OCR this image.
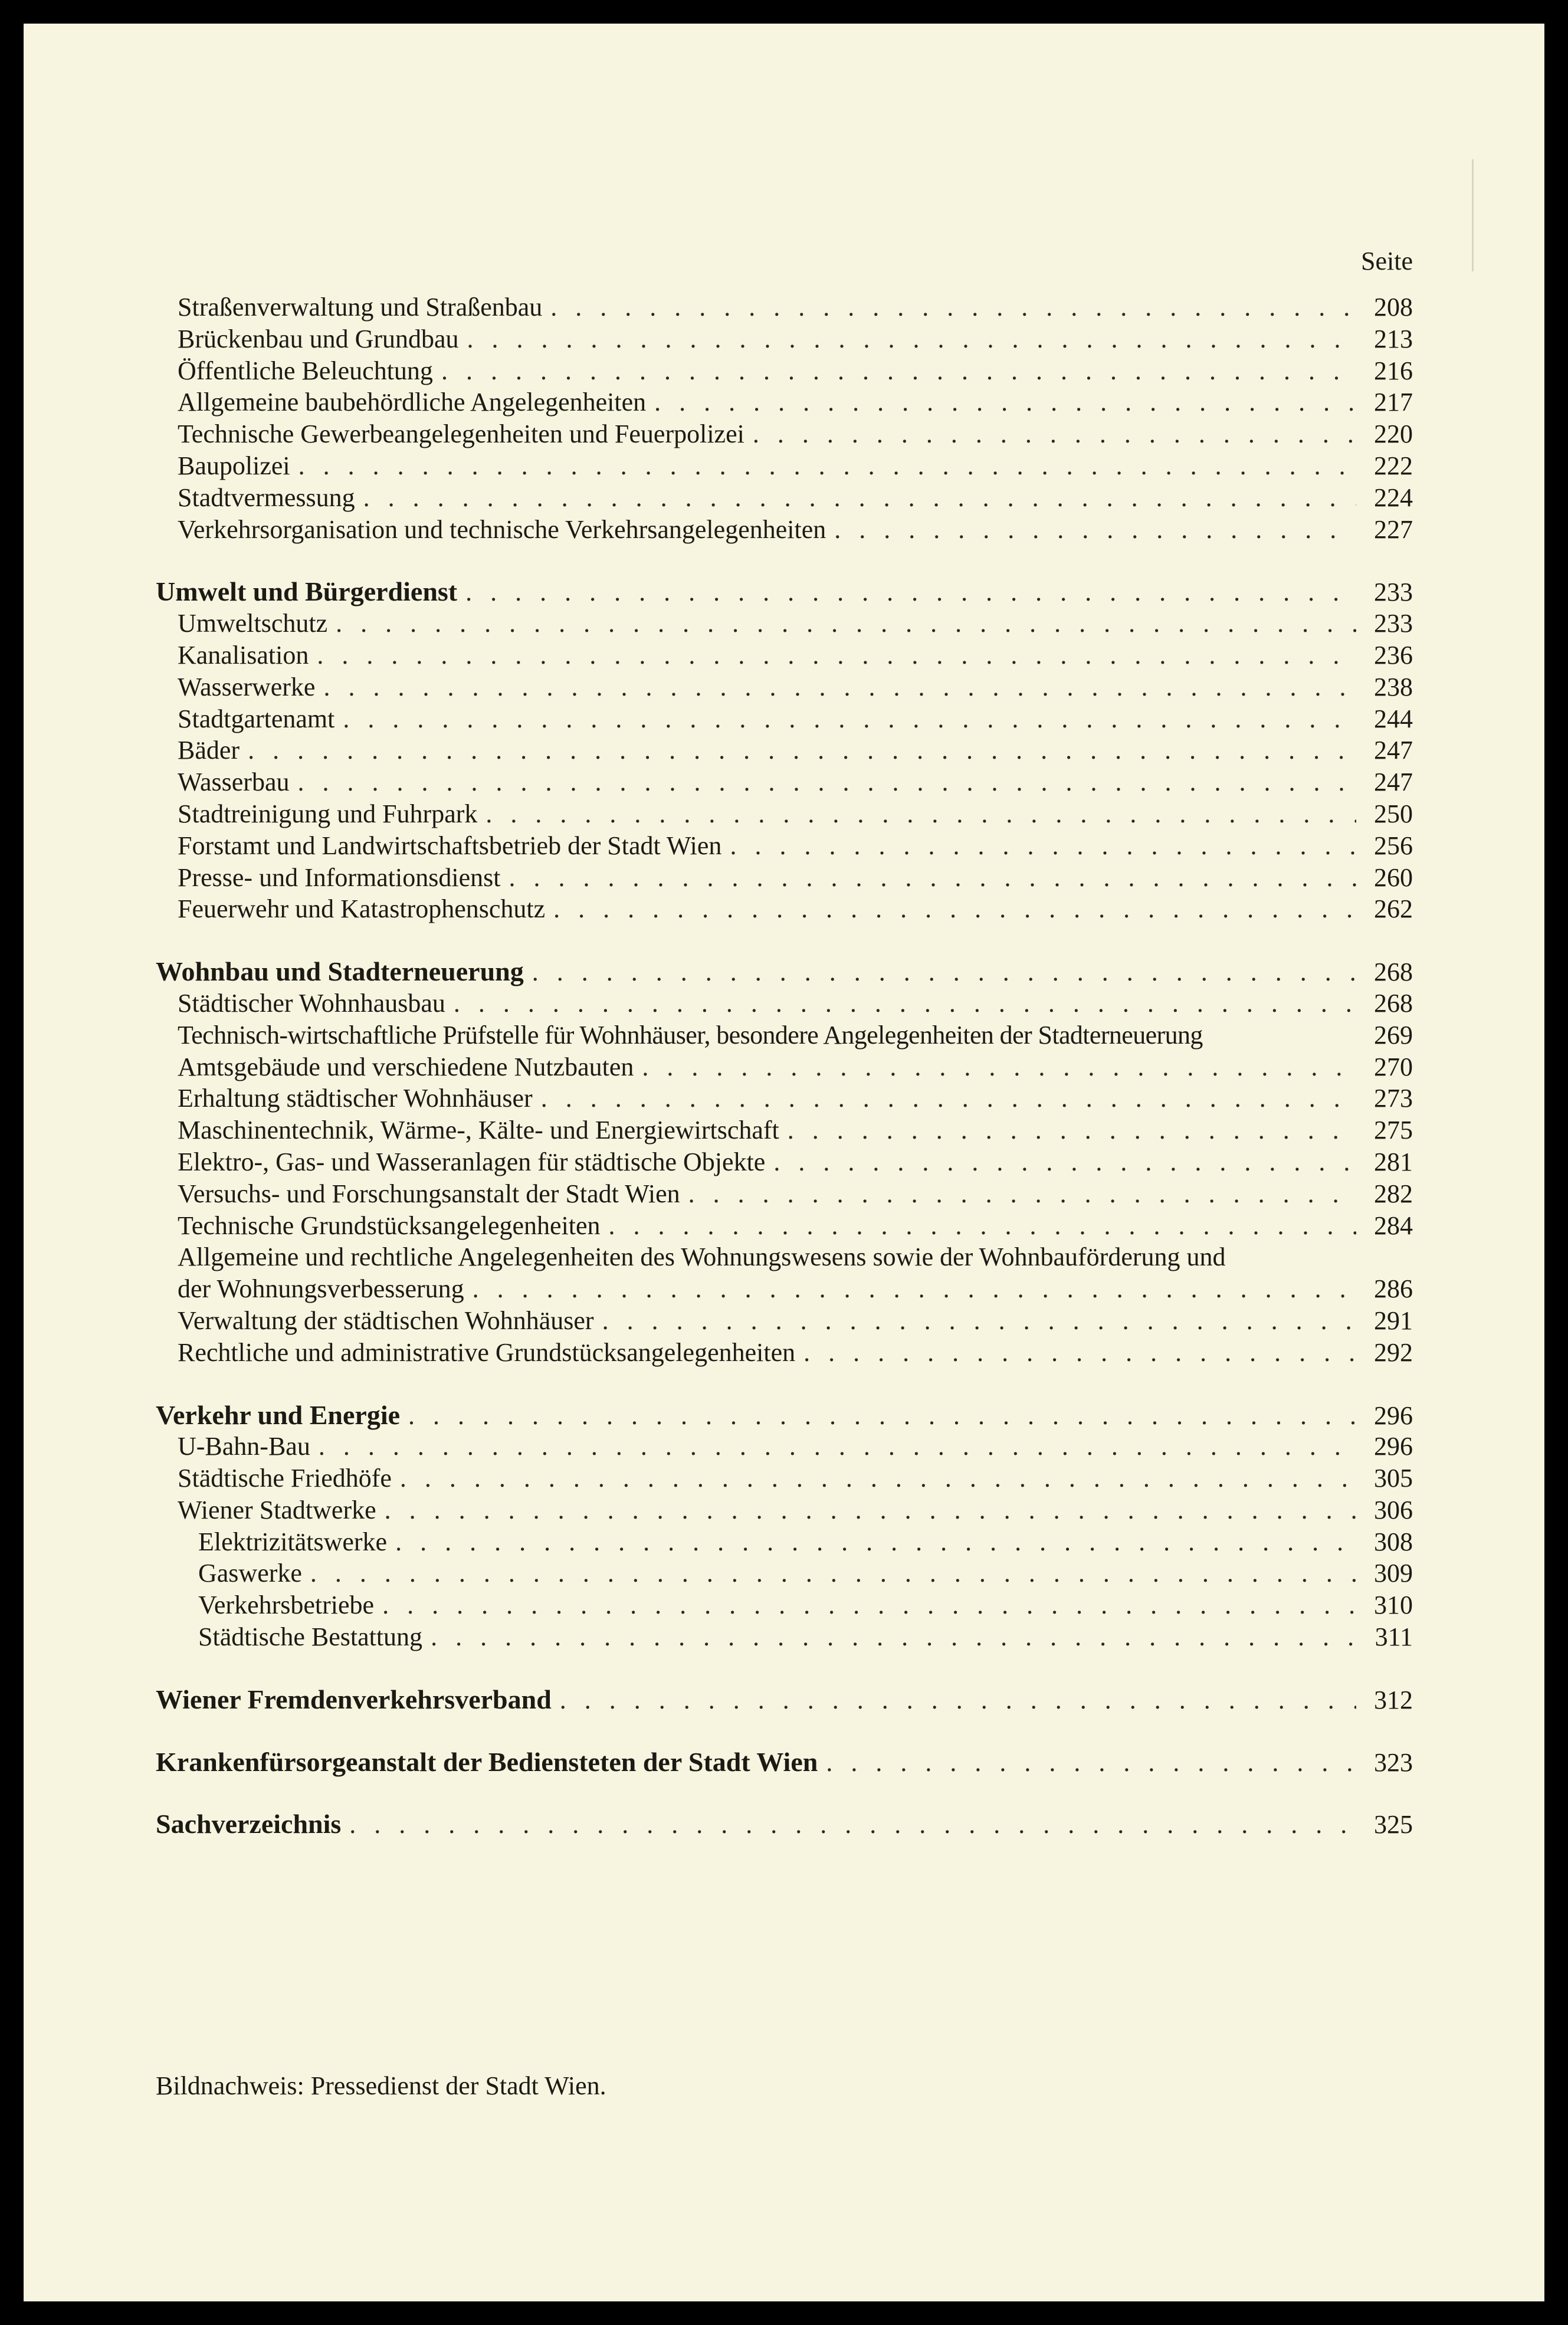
Seite
Straßenverwaltung und Straßenbau . . .	208
Brückenbau und Grundbau . . .	213
Öffentliche Beleuchtung . . .	216
Allgemeine baubehördliche Angelegenheiten . . .	217
Technische Gewerbeangelegenheiten und Feuerpolizei . . .	220
Baupolizei . . .	222
Stadtvermessung . . .	224
Verkehrsorganisation und technische Verkehrsangelegenheiten . . .	227
Umwelt und Bürgerdienst . . .	233
Umweltschutz . . .	233
Kanalisation . . .	236
Wasserwerke . . .	238
Stadtgartenamt . . .	244
Bäder . . .	247
Wasserbau . . .	247
Stadtreinigung und Fuhrpark . . .	250
Forstamt und Landwirtschaftsbetrieb der Stadt Wien . . .	256
Presse- und Informationsdienst . . .	260
Feuerwehr und Katastrophenschutz . . .	262
Wohnbau und Stadterneuerung . . .	268
Städtischer Wohnhausbau . . .	268
Technisch-wirtschaftliche Prüfstelle für Wohnhäuser, besondere Angelegenheiten der Stadterneuerung	269
Amtsgebäude und verschiedene Nutzbauten . . .	270
Erhaltung städtischer Wohnhäuser . . .	273
Maschinentechnik, Wärme-, Kälte- und Energiewirtschaft . . .	275
Elektro-, Gas- und Wasseranlagen für städtische Objekte . . .	281
Versuchs- und Forschungsanstalt der Stadt Wien . . .	282
Technische Grundstücksangelegenheiten . . .	284
Allgemeine und rechtliche Angelegenheiten des Wohnungswesens sowie der Wohnbauförderung und
der Wohnungsverbesserung . . .	286
Verwaltung der städtischen Wohnhäuser . . .	291
Rechtliche und administrative Grundstücksangelegenheiten . . .	292
Verkehr und Energie . . .	296
U-Bahn-Bau . . .	296
Städtische Friedhöfe . . .	305
Wiener Stadtwerke . . .	306
Elektrizitätswerke . . .	308
Gaswerke . . .	309
Verkehrsbetriebe . . .	310
Städtische Bestattung . . .	311
Wiener Fremdenverkehrsverband . . .	312
Krankenfürsorgeanstalt der Bediensteten der Stadt Wien . . .	323
Sachverzeichnis . . .	325
Bildnachweis: Pressedienst der Stadt Wien.
